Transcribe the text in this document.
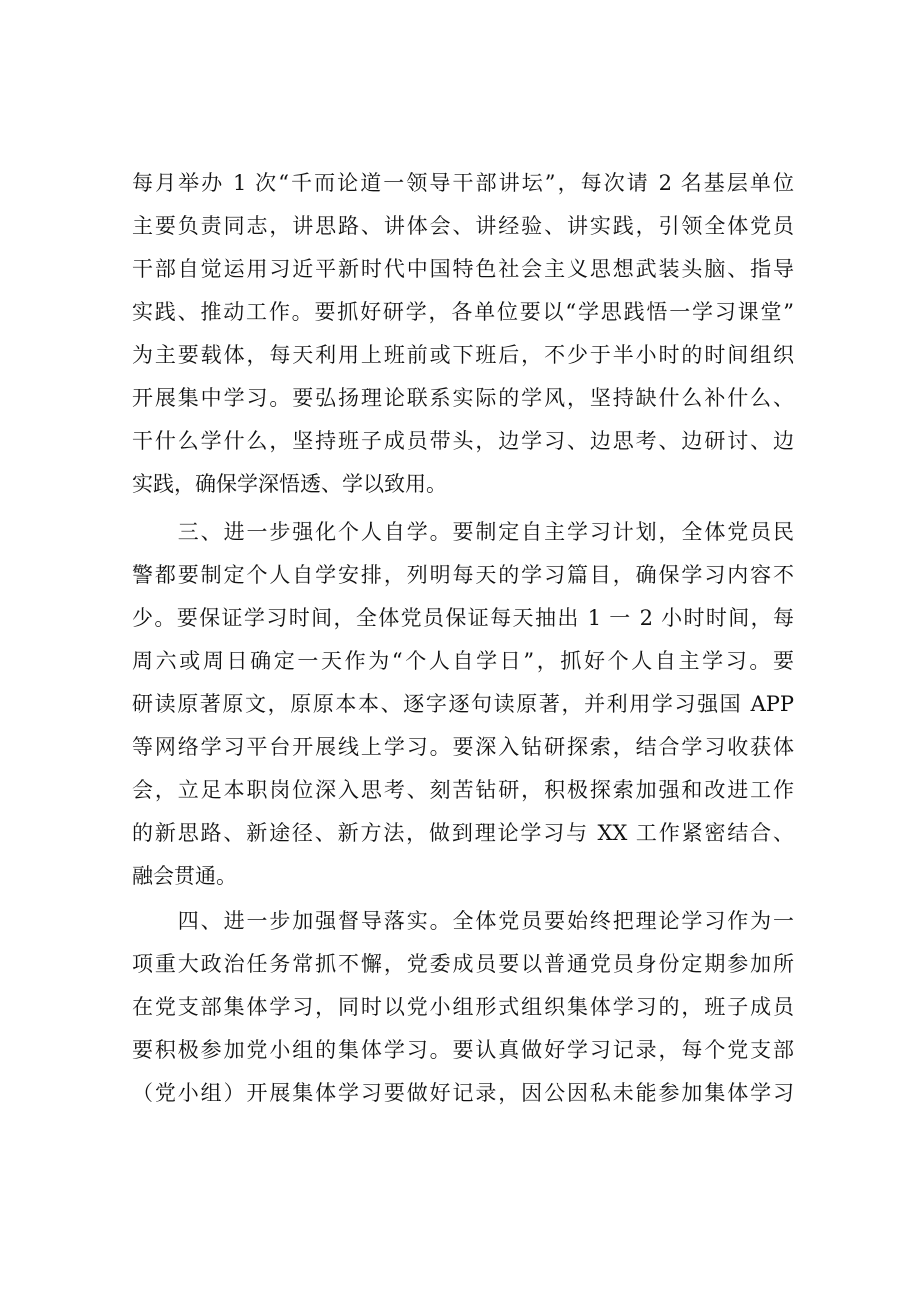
每月举办 1 次“千而论道一领导干部讲坛”，每次请 2 名基层单位
主要负责同志，讲思路、讲体会、讲经验、讲实践，引领全体党员
干部自觉运用习近平新时代中国特色社会主义思想武装头脑、指导
实践、推动工作。要抓好研学，各单位要以“学思践悟一学习课堂”
为主要载体，每天利用上班前或下班后，不少于半小时的时间组织
开展集中学习。要弘扬理论联系实际的学风，坚持缺什么补什么、
干什么学什么，坚持班子成员带头，边学习、边思考、边研讨、边
实践，确保学深悟透、学以致用。
　　三、进一步强化个人自学。要制定自主学习计划，全体党员民
警都要制定个人自学安排，列明每天的学习篇目，确保学习内容不
少。要保证学习时间，全体党员保证每天抽出 1 一 2 小时时间，每
周六或周日确定一天作为“个人自学日”，抓好个人自主学习。要
研读原著原文，原原本本、逐字逐句读原著，并利用学习强国 APP
等网络学习平台开展线上学习。要深入钻研探索，结合学习收获体
会，立足本职岗位深入思考、刻苦钻研，积极探索加强和改进工作
的新思路、新途径、新方法，做到理论学习与 XX 工作紧密结合、
融会贯通。
　　四、进一步加强督导落实。全体党员要始终把理论学习作为一
项重大政治任务常抓不懈，党委成员要以普通党员身份定期参加所
在党支部集体学习，同时以党小组形式组织集体学习的，班子成员
要积极参加党小组的集体学习。要认真做好学习记录，每个党支部
（党小组）开展集体学习要做好记录，因公因私未能参加集体学习
